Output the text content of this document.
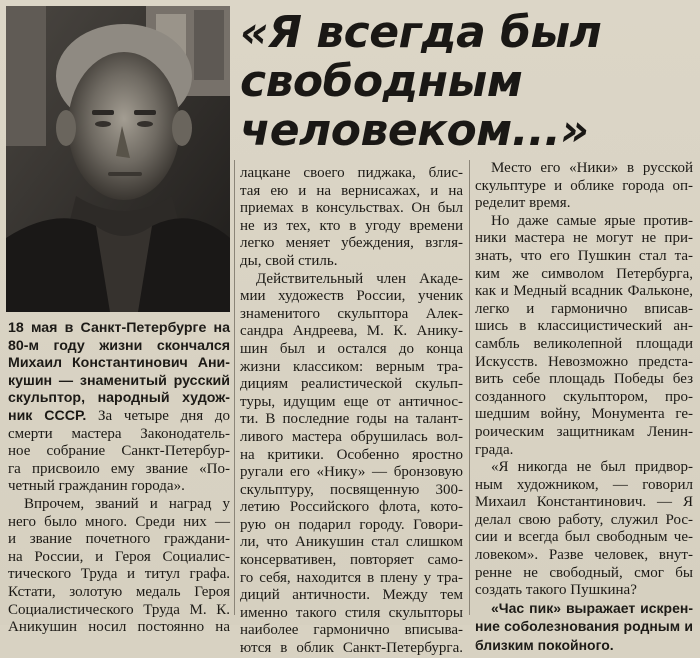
«Я всегда был
свободным
человеком...»
18 мая в Санкт-Петербурге на
80-м году жизни скончался
Михаил Константинович Ани-
кушин — знаменитый русский
скульптор, народный худож-
ник СССР. За четыре дня до
смерти мастера Законодатель-
ное собрание Санкт-Петербур-
га присвоило ему звание «По-
четный гражданин города».
Впрочем, званий и наград у
него было много. Среди них —
и звание почетного граждани-
на России, и Героя Социалис-
тического Труда и титул графа.
Кстати, золотую медаль Героя
Социалистического Труда М. К.
Аникушин носил постоянно на
лацкане своего пиджака, блис-
тая ею и на вернисажах, и на
приемах в консульствах. Он был
не из тех, кто в угоду времени
легко меняет убеждения, взгля-
ды, свой стиль.
Действительный член Акаде-
мии художеств России, ученик
знаменитого скульптора Алек-
сандра Андреева, М. К. Анику-
шин был и остался до конца
жизни классиком: верным тра-
дициям реалистической скульп-
туры, идущим еще от античнос-
ти. В последние годы на талант-
ливого мастера обрушилась вол-
на критики. Особенно яростно
ругали его «Нику» — бронзовую
скульптуру, посвященную 300-
летию Российского флота, кото-
рую он подарил городу. Говори-
ли, что Аникушин стал слишком
консервативен, повторяет само-
го себя, находится в плену у тра-
диций античности. Между тем
именно такого стиля скульпторы
наиболее гармонично вписыва-
ются в облик Санкт-Петербурга.
Место его «Ники» в русской
скульптуре и облике города оп-
ределит время.
Но даже самые ярые против-
ники мастера не могут не при-
знать, что его Пушкин стал та-
ким же символом Петербурга,
как и Медный всадник Фальконе,
легко и гармонично вписав-
шись в классицистический ан-
самбль великолепной площади
Искусств. Невозможно предста-
вить себе площадь Победы без
созданного скульптором, про-
шедшим войну, Монумента ге-
роическим защитникам Ленин-
града.
«Я никогда не был придвор-
ным художником, — говорил
Михаил Константинович. — Я
делал свою работу, служил Рос-
сии и всегда был свободным че-
ловеком». Разве человек, внут-
ренне не свободный, смог бы
создать такого Пушкина?
«Час пик» выражает искрен-
ние соболезнования родным и
близким покойного.
